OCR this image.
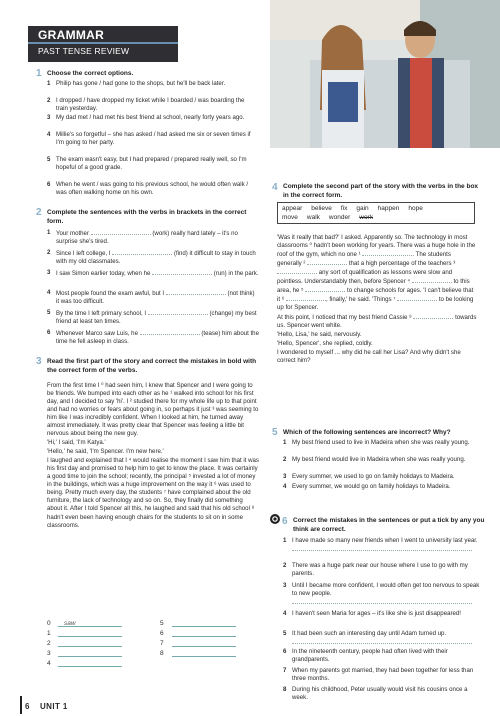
GRAMMAR
PAST TENSE REVIEW
1 Choose the correct options.
1 Philip has gone / had gone to the shops, but he'll be back later.
2 I dropped / have dropped my ticket while I boarded / was boarding the train yesterday.
3 My dad met / had met his best friend at school, nearly forty years ago.
4 Millie's so forgetful – she has asked / had asked me six or seven times if I'm going to her party.
5 The exam wasn't easy, but I had prepared / prepared really well, so I'm hopeful of a good grade.
6 When he went / was going to his previous school, he would often walk / was often walking home on his own.
2 Complete the sentences with the verbs in brackets in the correct form.
1 Your mother	(work) really hard lately – it's no surprise she's tired.
2 Since I left college, I	(find) it difficult to stay in touch with my old classmates.
3 I saw Simon earlier today, when he	(run) in the park.
4 Most people found the exam awful, but I	(not think) it was too difficult.
5 By the time I left primary school, I	(change) my best friend at least ten times.
6 Whenever Marco saw Luis, he	(tease) him about the time he fell asleep in class.
3 Read the first part of the story and correct the mistakes in bold with the correct form of the verbs.

From the first time I ⁰ had seen him, I knew that Spencer and I were going to be friends. We bumped into each other as he ¹ walked into school for his first day, and I decided to say 'hi'. I ² studied there for my whole life up to that point and had no worries or fears about going in, so perhaps it just ³ was seeming to him like I was incredibly confident. When I looked at him, he turned away almost immediately. It was pretty clear that Spencer was feeling a little bit nervous about being the new guy.

'Hi,' I said, 'I'm Katya.'

'Hello,' he said, 'I'm Spencer. I'm new here.'

I laughed and explained that I ⁴ would realise the moment I saw him that it was his first day and promised to help him to get to know the place. It was certainly a good time to join the school; recently, the principal ⁵ invested a lot of money in the buildings, which was a huge improvement on the way it ⁶ was used to being. Pretty much every day, the students ⁷ have complained about the old furniture, the lack of technology and so on. So, they finally did something about it. After I told Spencer all this, he laughed and said that his old school ⁸ hadn't even been having enough chairs for the students to sit on in some classrooms.

0 saw
1
2
3
4
5
6
7
8
4 Complete the second part of the story with the verbs in the box in the correct form.
appear believe fix gain happen hope
move walk wonder work

'Was it really that bad?' I asked. Apparently so. The technology in most classrooms ⁰ hadn't been working for years. There was a huge hole in the roof of the gym, which no one ¹	. The students generally ²	that a high percentage of the teachers ³  any sort of qualification as lessons were slow and pointless. Understandably then, before Spencer ⁴	to this area, he ⁵	to change schools for ages. 'I can't believe that it ⁶	, finally,' he said. 'Things ⁷	to be looking up for Spencer.

At this point, I noticed that my best friend Cassie ⁸	towards us. Spencer went white.

'Hello, Lisa,' he said, nervously.

'Hello, Spencer', she replied, coldly.

I wondered to myself ... why did he call her Lisa? And why didn't she correct him?

5 Which of the following sentences are incorrect? Why?
1 My best friend used to live in Madeira when she was really young.
2 My best friend would live in Madeira when she was really young.
3 Every summer, we used to go on family holidays to Madeira.
4 Every summer, we would go on family holidays to Madeira.
6 Correct the mistakes in the sentences or put a tick by any you think are correct.
1 I have made so many new friends when I went to university last year.
2 There was a huge park near our house where I use to go with my parents.
3 Until I became more confident, I would often get too nervous to speak to new people.
4 I haven't seen Maria for ages – it's like she is just disappeared!
5 It had been such an interesting day until Adam turned up.
6 In the nineteenth century, people had often lived with their grandparents.
7 When my parents got married, they had been together for less than three months.
8 During his childhood, Peter usually would visit his cousins once a week.
6 UNIT 1
